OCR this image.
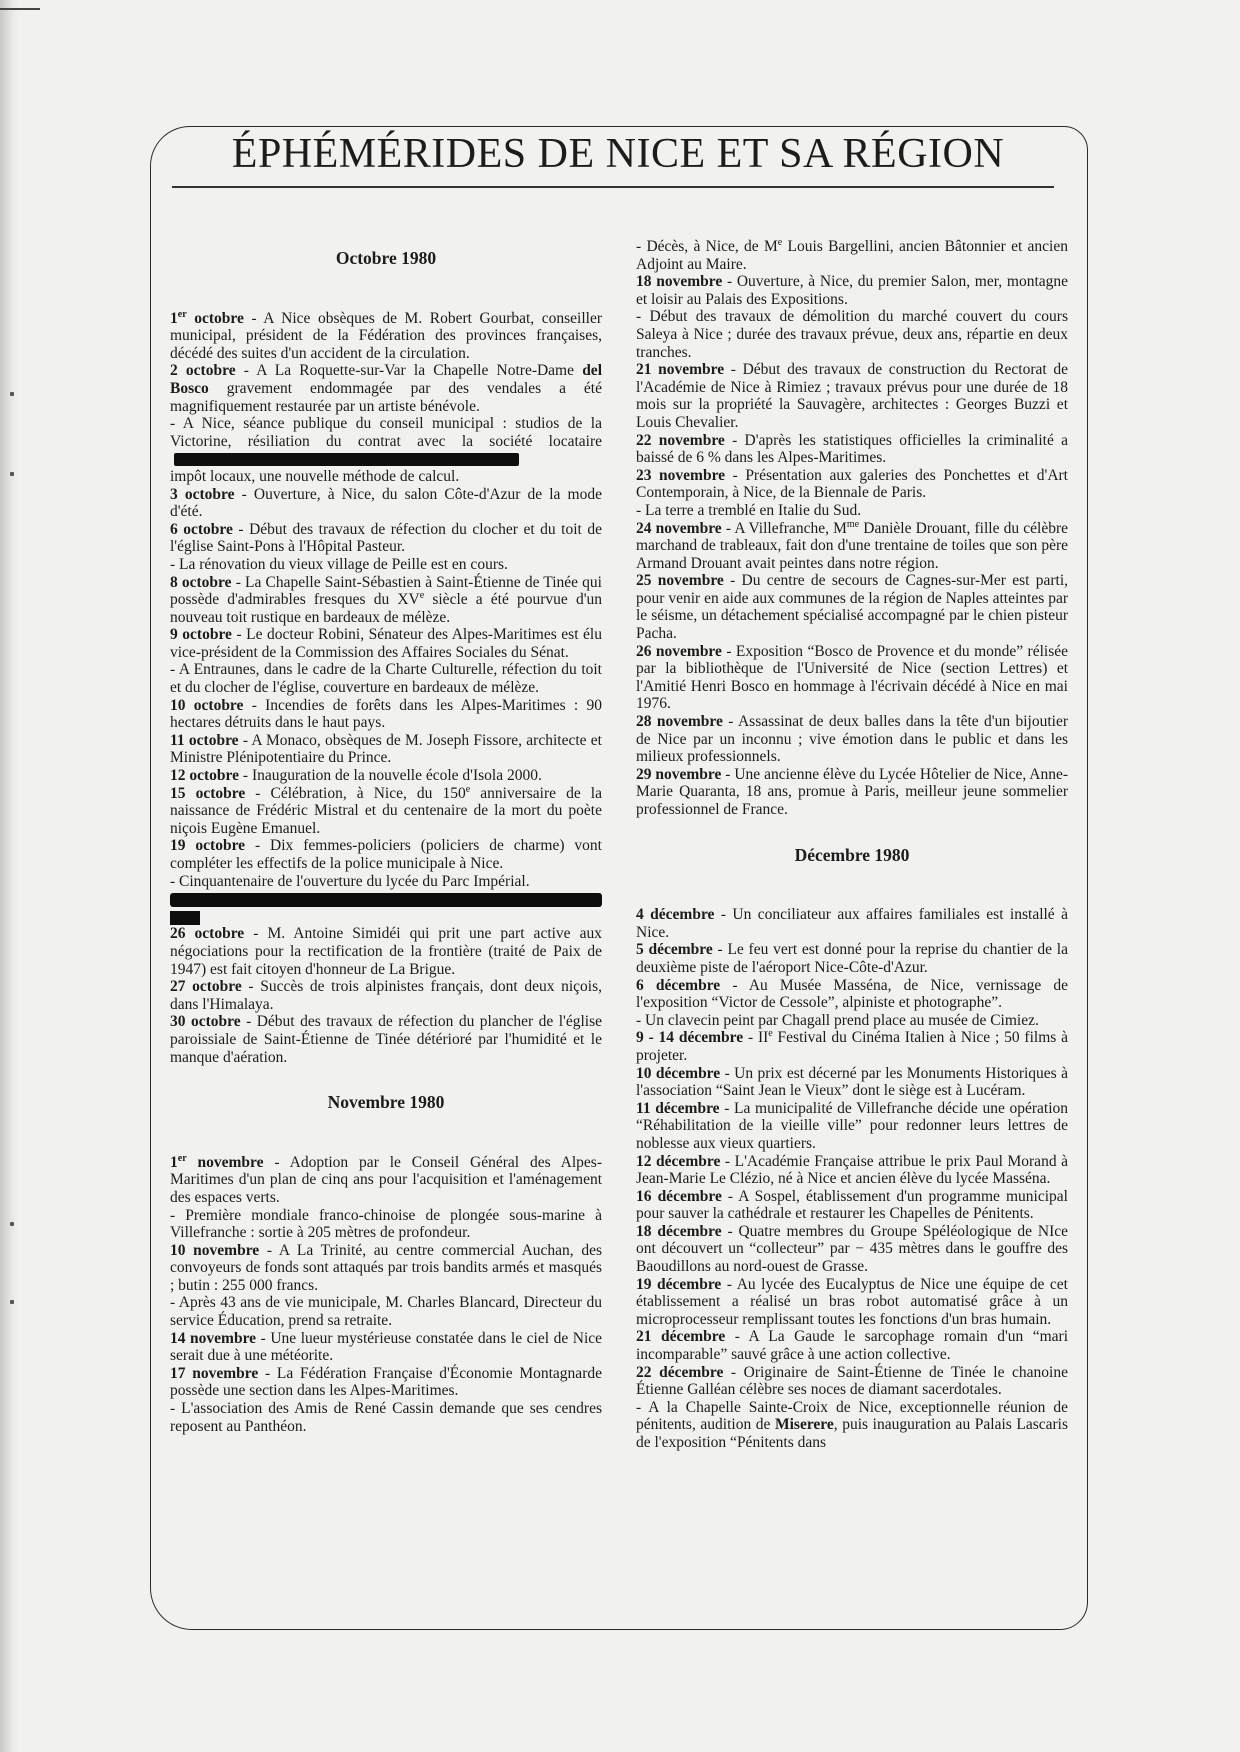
ÉPHÉMÉRIDES DE NICE ET SA RÉGION

Octobre 1980

1er octobre - A Nice obsèques de M. Robert Gourbat, conseiller municipal, président de la Fédération des provinces françaises, décédé des suites d'un accident de la circulation.

2 octobre - A La Roquette-sur-Var la Chapelle Notre-Dame del Bosco gravement endommagée par des vendales a été magnifiquement restaurée par un artiste bénévole.

- A Nice, séance publique du conseil municipal : studios de la Victorine, résiliation du contrat avec la société locataire

impôt locaux, une nouvelle méthode de calcul.

3 octobre - Ouverture, à Nice, du salon Côte-d'Azur de la mode d'été.

6 octobre - Début des travaux de réfection du clocher et du toit de l'église Saint-Pons à l'Hôpital Pasteur.

- La rénovation du vieux village de Peille est en cours.

8 octobre - La Chapelle Saint-Sébastien à Saint-Étienne de Tinée qui possède d'admirables fresques du XVe siècle a été pourvue d'un nouveau toit rustique en bardeaux de mélèze.

9 octobre - Le docteur Robini, Sénateur des Alpes-Maritimes est élu vice-président de la Commission des Affaires Sociales du Sénat.

- A Entraunes, dans le cadre de la Charte Culturelle, réfection du toit et du clocher de l'église, couverture en bardeaux de mélèze.

10 octobre - Incendies de forêts dans les Alpes-Maritimes : 90 hectares détruits dans le haut pays.

11 octobre - A Monaco, obsèques de M. Joseph Fissore, architecte et Ministre Plénipotentiaire du Prince.

12 octobre - Inauguration de la nouvelle école d'Isola 2000.

15 octobre - Célébration, à Nice, du 150e anniversaire de la naissance de Frédéric Mistral et du centenaire de la mort du poète niçois Eugène Emanuel.

19 octobre - Dix femmes-policiers (policiers de charme) vont compléter les effectifs de la police municipale à Nice.

- Cinquantenaire de l'ouverture du lycée du Parc Impérial.

26 octobre - M. Antoine Simidéi qui prit une part active aux négociations pour la rectification de la frontière (traité de Paix de 1947) est fait citoyen d'honneur de La Brigue.

27 octobre - Succès de trois alpinistes français, dont deux niçois, dans l'Himalaya.

30 octobre - Début des travaux de réfection du plancher de l'église paroissiale de Saint-Étienne de Tinée détérioré par l'humidité et le manque d'aération.

Novembre 1980

1er novembre - Adoption par le Conseil Général des Alpes-Maritimes d'un plan de cinq ans pour l'acquisition et l'aménagement des espaces verts.

- Première mondiale franco-chinoise de plongée sous-marine à Villefranche : sortie à 205 mètres de profondeur.

10 novembre - A La Trinité, au centre commercial Auchan, des convoyeurs de fonds sont attaqués par trois bandits armés et masqués ; butin : 255 000 francs.

- Après 43 ans de vie municipale, M. Charles Blancard, Directeur du service Éducation, prend sa retraite.

14 novembre - Une lueur mystérieuse constatée dans le ciel de Nice serait due à une météorite.

17 novembre - La Fédération Française d'Économie Montagnarde possède une section dans les Alpes-Maritimes.

- L'association des Amis de René Cassin demande que ses cendres reposent au Panthéon.

- Décès, à Nice, de Me Louis Bargellini, ancien Bâtonnier et ancien Adjoint au Maire.

18 novembre - Ouverture, à Nice, du premier Salon, mer, montagne et loisir au Palais des Expositions.

- Début des travaux de démolition du marché couvert du cours Saleya à Nice ; durée des travaux prévue, deux ans, répartie en deux tranches.

21 novembre - Début des travaux de construction du Rectorat de l'Académie de Nice à Rimiez ; travaux prévus pour une durée de 18 mois sur la propriété la Sauvagère, architectes : Georges Buzzi et Louis Chevalier.

22 novembre - D'après les statistiques officielles la criminalité a baissé de 6 % dans les Alpes-Maritimes.

23 novembre - Présentation aux galeries des Ponchettes et d'Art Contemporain, à Nice, de la Biennale de Paris.

- La terre a tremblé en Italie du Sud.

24 novembre - A Villefranche, $M^{me}$ Danièle Drouant, fille du célèbre marchand de trableaux, fait don d'une trentaine de toiles que son père Armand Drouant avait peintes dans notre région.

25 novembre - Du centre de secours de Cagnes-sur-Mer est parti, pour venir en aide aux communes de la région de Naples atteintes par le séisme, un détachement spécialisé accompagné par le chien pisteur Pacha.

26 novembre - Exposition “Bosco de Provence et du monde” rélisée par la bibliothèque de l'Université de Nice (section Lettres) et l'Amitié Henri Bosco en hommage à l'écrivain décédé à Nice en mai 1976.

28 novembre - Assassinat de deux balles dans la tête d'un bijoutier de Nice par un inconnu ; vive émotion dans le public et dans les milieux professionnels.

29 novembre - Une ancienne élève du Lycée Hôtelier de Nice, Anne-Marie Quaranta, 18 ans, promue à Paris, meilleur jeune sommelier professionnel de France.

Décembre 1980

4 décembre - Un conciliateur aux affaires familiales est installé à Nice.

5 décembre - Le feu vert est donné pour la reprise du chantier de la deuxième piste de l'aéroport Nice-Côte-d'Azur.

6 décembre - Au Musée Masséna, de Nice, vernissage de l'exposition “Victor de Cessole”, alpiniste et photographe”.

- Un clavecin peint par Chagall prend place au musée de Cimiez.

9 - 14 décembre - IIe Festival du Cinéma Italien à Nice ; 50 films à projeter.

10 décembre - Un prix est décerné par les Monuments Historiques à l'association “Saint Jean le Vieux” dont le siège est à Lucéram.

11 décembre - La municipalité de Villefranche décide une opération “Réhabilitation de la vieille ville” pour redonner leurs lettres de noblesse aux vieux quartiers.

12 décembre - L'Académie Française attribue le prix Paul Morand à Jean-Marie Le Clézio, né à Nice et ancien élève du lycée Masséna.

16 décembre - A Sospel, établissement d'un programme municipal pour sauver la cathédrale et restaurer les Chapelles de Pénitents.

18 décembre - Quatre membres du Groupe Spéléologique de NIce ont découvert un “collecteur” par − 435 mètres dans le gouffre des Baoudillons au nord-ouest de Grasse.

19 décembre - Au lycée des Eucalyptus de Nice une équipe de cet établissement a réalisé un bras robot automatisé grâce à un microprocesseur remplissant toutes les fonctions d'un bras humain.

21 décembre - A La Gaude le sarcophage romain d'un “mari incomparable” sauvé grâce à une action collective.

22 décembre - Originaire de Saint-Étienne de Tinée le chanoine Étienne Galléan célèbre ses noces de diamant sacerdotales.

- A la Chapelle Sainte-Croix de Nice, exceptionnelle réunion de pénitents, audition de Miserere, puis inauguration au Palais Lascaris de l'exposition “Pénitents dans
